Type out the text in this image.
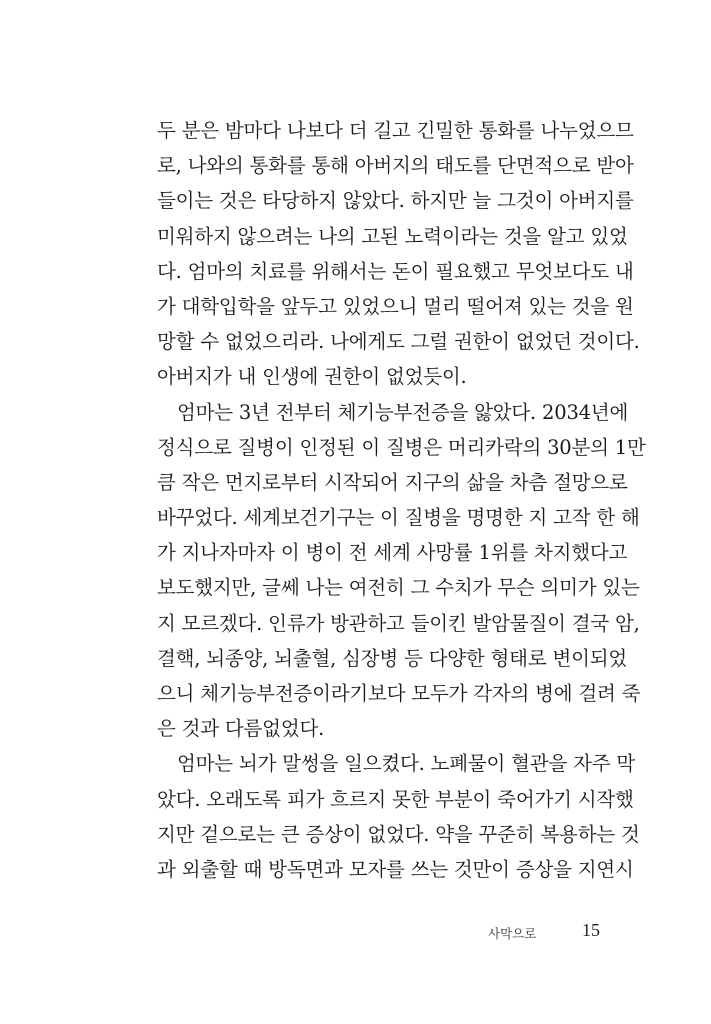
두 분은 밤마다 나보다 더 길고 긴밀한 통화를 나누었으므
로, 나와의 통화를 통해 아버지의 태도를 단면적으로 받아
들이는 것은 타당하지 않았다. 하지만 늘 그것이 아버지를
미워하지 않으려는 나의 고된 노력이라는 것을 알고 있었
다. 엄마의 치료를 위해서는 돈이 필요했고 무엇보다도 내
가 대학입학을 앞두고 있었으니 멀리 떨어져 있는 것을 원
망할 수 없었으리라. 나에게도 그럴 권한이 없었던 것이다.
아버지가 내 인생에 권한이 없었듯이.
엄마는 3년 전부터 체기능부전증을 앓았다. 2034년에
정식으로 질병이 인정된 이 질병은 머리카락의 30분의 1만
큼 작은 먼지로부터 시작되어 지구의 삶을 차츰 절망으로
바꾸었다. 세계보건기구는 이 질병을 명명한 지 고작 한 해
가 지나자마자 이 병이 전 세계 사망률 1위를 차지했다고
보도했지만, 글쎄 나는 여전히 그 수치가 무슨 의미가 있는
지 모르겠다. 인류가 방관하고 들이킨 발암물질이 결국 암,
결핵, 뇌종양, 뇌출혈, 심장병 등 다양한 형태로 변이되었
으니 체기능부전증이라기보다 모두가 각자의 병에 걸려 죽
은 것과 다름없었다.
엄마는 뇌가 말썽을 일으켰다. 노폐물이 혈관을 자주 막
았다. 오래도록 피가 흐르지 못한 부분이 죽어가기 시작했
지만 겉으로는 큰 증상이 없었다. 약을 꾸준히 복용하는 것
과 외출할 때 방독면과 모자를 쓰는 것만이 증상을 지연시
사막으로	15
